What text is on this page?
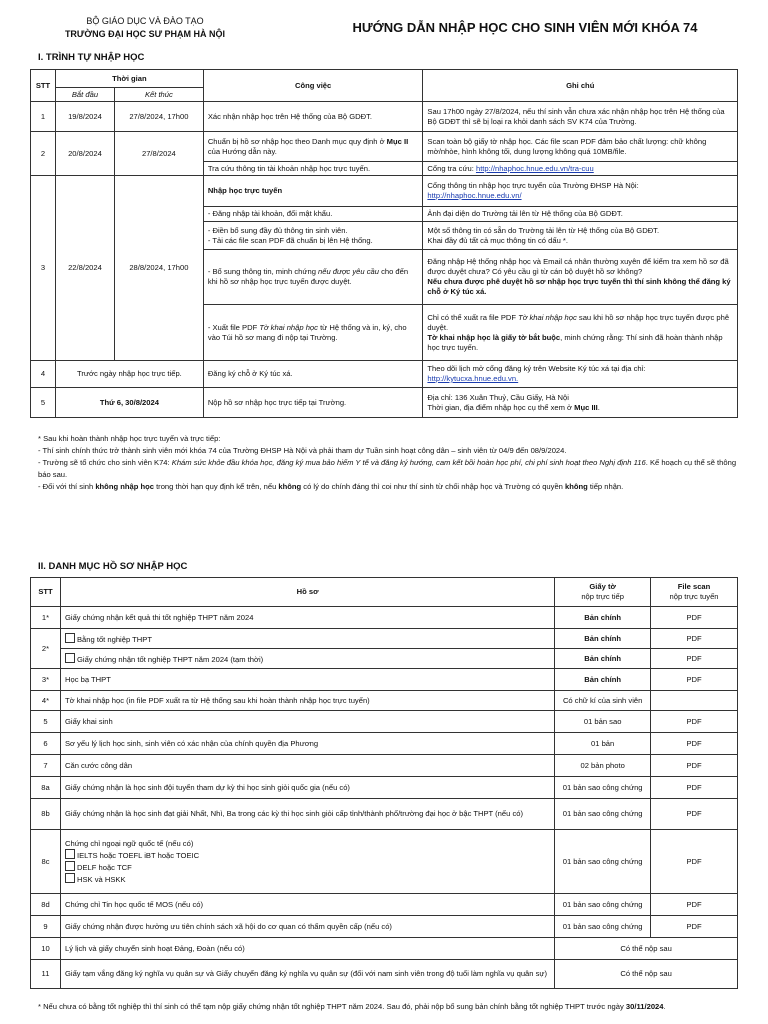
BỘ GIÁO DỤC VÀ ĐÀO TẠO
TRƯỜNG ĐẠI HỌC SƯ PHẠM HÀ NỘI	HƯỚNG DẪN NHẬP HỌC CHO SINH VIÊN MỚI KHÓA 74
I. TRÌNH TỰ NHẬP HỌC
STT	Thời gian		Công việc	Ghi chú
	Bắt đầu	Kết thúc		
1	19/8/2024	27/8/2024, 17h00	Xác nhận nhập học trên Hệ thống của Bộ GDĐT.	Sau 17h00 ngày 27/8/2024, nếu thí sinh vẫn chưa xác nhận nhập học trên Hệ thống của Bộ GDĐT thì sẽ bị loại ra khỏi danh sách SV K74 của Trường.
2	20/8/2024	27/8/2024	Chuẩn bị hồ sơ nhập học theo Danh mục quy định ở Mục II của Hướng dẫn này.	Scan toàn bộ giấy tờ nhập học. Các file scan PDF đảm bảo chất lượng: chữ không mờ/nhòe, hình không tối, dung lượng không quá 10MB/file.
			Tra cứu thông tin tài khoản nhập học trực tuyến.	Cổng tra cứu: http://nhaphoc.hnue.edu.vn/tra-cuu
3	22/8/2024	28/8/2024, 17h00	Nhập học trực tuyến	Cổng thông tin nhập học trực tuyến của Trường ĐHSP Hà Nội:
http://nhaphoc.hnue.edu.vn/
			- Đăng nhập tài khoản, đổi mật khẩu.	Ảnh đại diện do Trường tải lên từ Hệ thống của Bộ GDĐT.

			- Điền bổ sung đầy đủ thông tin sinh viên.
- Tải các file scan PDF đã chuẩn bị lên Hệ thống.	Một số thông tin có sẵn do Trường tải lên từ Hệ thống của Bộ GDĐT.
Khai đầy đủ tất cả mục thông tin có dấu *.

			- Bổ sung thông tin, minh chứng nếu được yêu cầu cho đến khi hồ sơ nhập học trực tuyến được duyệt.	Đăng nhập Hệ thống nhập học và Email cá nhân thường xuyên để kiểm tra xem hồ sơ đã được duyệt chưa? Có yêu cầu gì từ cán bộ duyệt hồ sơ không?
Nếu chưa được phê duyệt hồ sơ nhập học trực tuyến thì thí sinh không thể đăng ký chỗ ở Ký túc xá.

			- Xuất file PDF Tờ khai nhập học từ Hệ thống và in, ký, cho vào Túi hồ sơ mang đi nộp tại Trường.	Chỉ có thể xuất ra file PDF Tờ khai nhập học sau khi hồ sơ nhập học trực tuyến được phê duyệt.
Tờ khai nhập học là giấy tờ bắt buộc, minh chứng rằng: Thí sinh đã hoàn thành nhập học trực tuyến.
4	Trước ngày nhập học trực tiếp.		Đăng ký chỗ ở Ký túc xá.	Theo dõi lịch mở cổng đăng ký trên Website Ký túc xá tại địa chỉ: http://kytucxa.hnue.edu.vn.
5	Thứ 6, 30/8/2024		Nộp hồ sơ nhập học trực tiếp tại Trường.	Địa chỉ: 136 Xuân Thuỷ, Cầu Giấy, Hà Nội
Thời gian, địa điểm nhập học cụ thể xem ở Mục III.

* Sau khi hoàn thành nhập học trực tuyến và trực tiếp:

- Thí sinh chính thức trở thành sinh viên mới khóa 74 của Trường ĐHSP Hà Nội và phải tham dự Tuần sinh hoạt công dân – sinh viên từ 04/9 đến 08/9/2024.

- Trường sẽ tổ chức cho sinh viên K74: Khám sức khỏe đầu khóa học, đăng ký mua bảo hiểm Y tế và đăng ký hướng, cam kết bồi hoàn học phí, chi phí sinh hoạt theo Nghị định 116. Kế hoạch cụ thể sẽ thông báo sau.

- Đối với thí sinh không nhập học trong thời hạn quy định kể trên, nếu không có lý do chính đáng thì coi như thí sinh từ chối nhập học và Trường có quyền không tiếp nhận.

II. DANH MỤC HỒ SƠ NHẬP HỌC
STT	Hồ sơ	Giấy tờ
nộp trực tiếp	File scan
nộp trực tuyến

1*	Giấy chứng nhận kết quả thi tốt nghiệp THPT năm 2024	Bản chính	PDF
2*	Bằng tốt nghiệp THPT	Bản chính	PDF
	Giấy chứng nhận tốt nghiệp THPT năm 2024 (tạm thời)	Bản chính	PDF
3*	Học bạ THPT	Bản chính	PDF
4*	Tờ khai nhập học (in file PDF xuất ra từ Hệ thống sau khi hoàn thành nhập học trực tuyến)	Có chữ kí của sinh viên	
5	Giấy khai sinh	01 bản sao	PDF
6	Sơ yếu lý lịch học sinh, sinh viên có xác nhận của chính quyền địa Phương	01 bản	PDF
7	Căn cước công dân	02 bản photo	PDF
8a	Giấy chứng nhận là học sinh đội tuyển tham dự kỳ thi học sinh giỏi quốc gia (nếu có)	01 bản sao công chứng	PDF
8b	Giấy chứng nhận là học sinh đạt giải Nhất, Nhì, Ba trong các kỳ thi học sinh giỏi cấp tỉnh/thành phố/trường đại học ở bậc THPT (nếu có)	01 bản sao công chứng	PDF
8c	Chứng chỉ ngoại ngữ quốc tế (nếu có)
IELTS hoặc TOEFL iBT hoặc TOEIC
DELF hoặc TCF
HSK và HSKK	01 bản sao công chứng	PDF
8d	Chứng chỉ Tin học quốc tế MOS (nếu có)	01 bản sao công chứng	PDF
9	Giấy chứng nhận được hưởng ưu tiên chính sách xã hội do cơ quan có thẩm quyền cấp (nếu có)	01 bản sao công chứng	PDF
10	Lý lịch và giấy chuyển sinh hoạt Đảng, Đoàn (nếu có)	Có thể nộp sau	
11	Giấy tạm vắng đăng ký nghĩa vụ quân sự và Giấy chuyển đăng ký nghĩa vụ quân sự (đối với nam sinh viên trong độ tuổi làm nghĩa vụ quân sự)	Có thể nộp sau	
* Nếu chưa có bằng tốt nghiệp thì thí sinh có thể tạm nộp giấy chứng nhận tốt nghiệp THPT năm 2024. Sau đó, phải nộp bổ sung bản chính bằng tốt nghiệp THPT trước ngày 30/11/2024.
